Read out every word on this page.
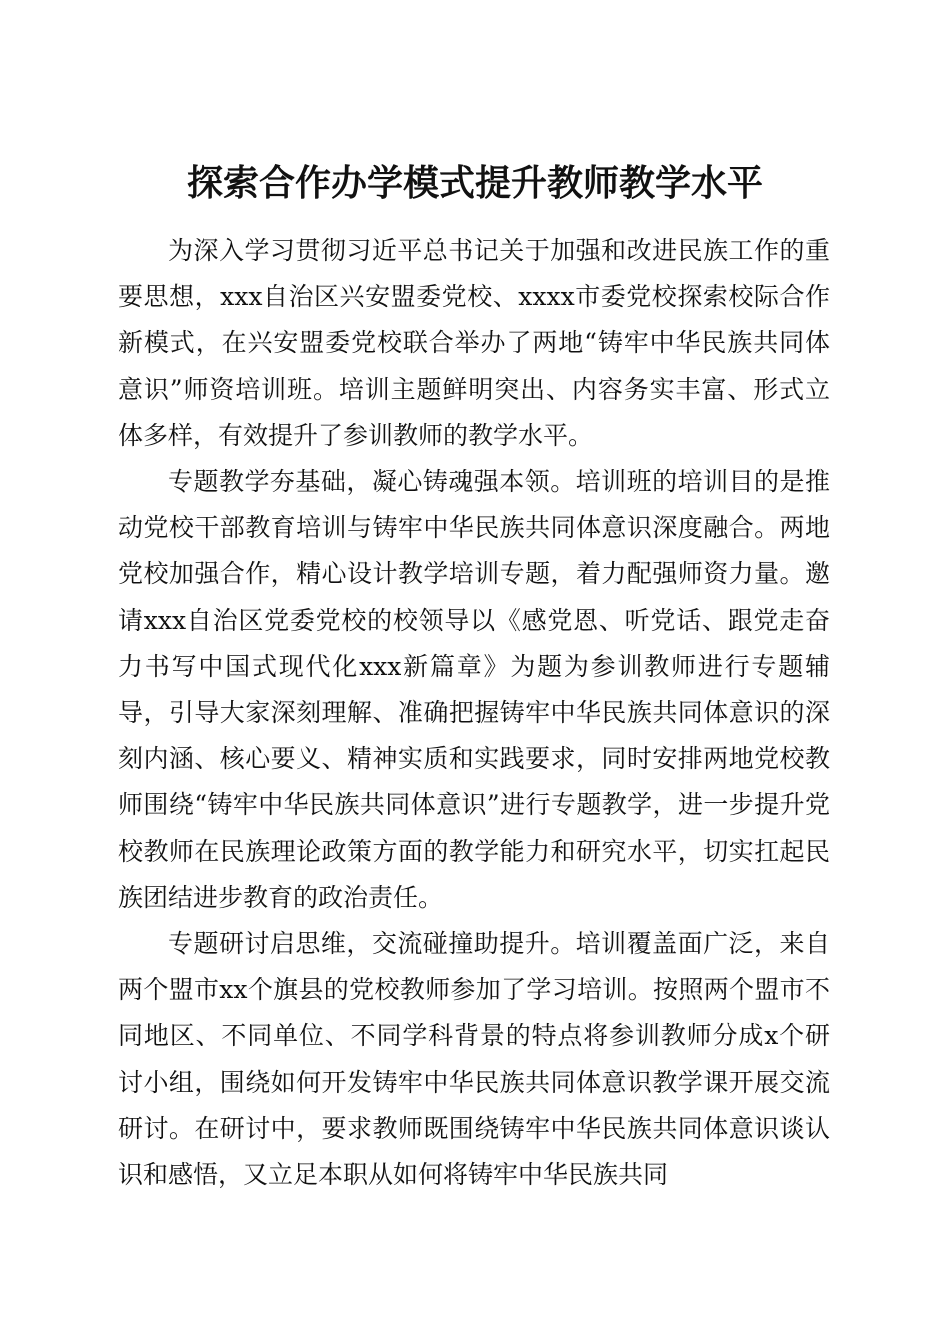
探索合作办学模式提升教师教学水平

为深入学习贯彻习近平总书记关于加强和改进民族工作的重要思想，xxx自治区兴安盟委党校、xxxx市委党校探索校际合作新模式，在兴安盟委党校联合举办了两地“铸牢中华民族共同体意识”师资培训班。培训主题鲜明突出、内容务实丰富、形式立体多样，有效提升了参训教师的教学水平。

专题教学夯基础，凝心铸魂强本领。培训班的培训目的是推动党校干部教育培训与铸牢中华民族共同体意识深度融合。两地党校加强合作，精心设计教学培训专题，着力配强师资力量。邀请xxx自治区党委党校的校领导以《感党恩、听党话、跟党走奋力书写中国式现代化xxx新篇章》为题为参训教师进行专题辅导，引导大家深刻理解、准确把握铸牢中华民族共同体意识的深刻内涵、核心要义、精神实质和实践要求，同时安排两地党校教师围绕“铸牢中华民族共同体意识”进行专题教学，进一步提升党校教师在民族理论政策方面的教学能力和研究水平，切实扛起民族团结进步教育的政治责任。

专题研讨启思维，交流碰撞助提升。培训覆盖面广泛，来自两个盟市xx个旗县的党校教师参加了学习培训。按照两个盟市不同地区、不同单位、不同学科背景的特点将参训教师分成x个研讨小组，围绕如何开发铸牢中华民族共同体意识教学课开展交流研讨。在研讨中，要求教师既围绕铸牢中华民族共同体意识谈认识和感悟，又立足本职从如何将铸牢中华民族共同
